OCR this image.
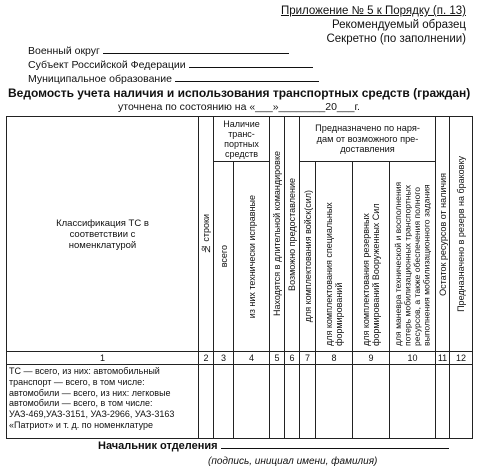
Приложение № 5 к Порядку (п. 13)
Рекомендуемый образец
Секретно (по заполнении)
Военный округ
Субъект Российской Федерации
Муниципальное образование
Ведомость учета наличия и использования транспортных средств (граждан)
уточнена по состоянию на «___»________20___г.
Классификация ТС в соответствии с номенклатурой	№ строки	Наличие транс- портных средств		Находятся в длительной командировке	Возможно предоставление	Предназначено по наря- дам от возможного пре- доставления				Остаток ресурсов от наличия	Предназначено в резерв на браковку

		всего	из них технически исправные			для комплектования войск(сил)	для комплектования специальных формирований	для комплектования резервных формирований Вооруженных Сил	для маневра технической и восполнения потерь мобилизационных транспортных ресурсов, а также обеспечения полного выполнения мобилизационного задания		

1	2	3	4	5	6	7	8	9	10	11	12
ТС — всего, из них: автомобильный транспорт — всего, в том числе: автомобили — всего, из них: легковые автомобили — всего, в том числе: УАЗ-469,УАЗ-3151, УАЗ-2966, УАЗ-3163 «Патриот» и т. д. по номенклатуре											
Начальник отделения
(подпись, инициал имени, фамилия)
